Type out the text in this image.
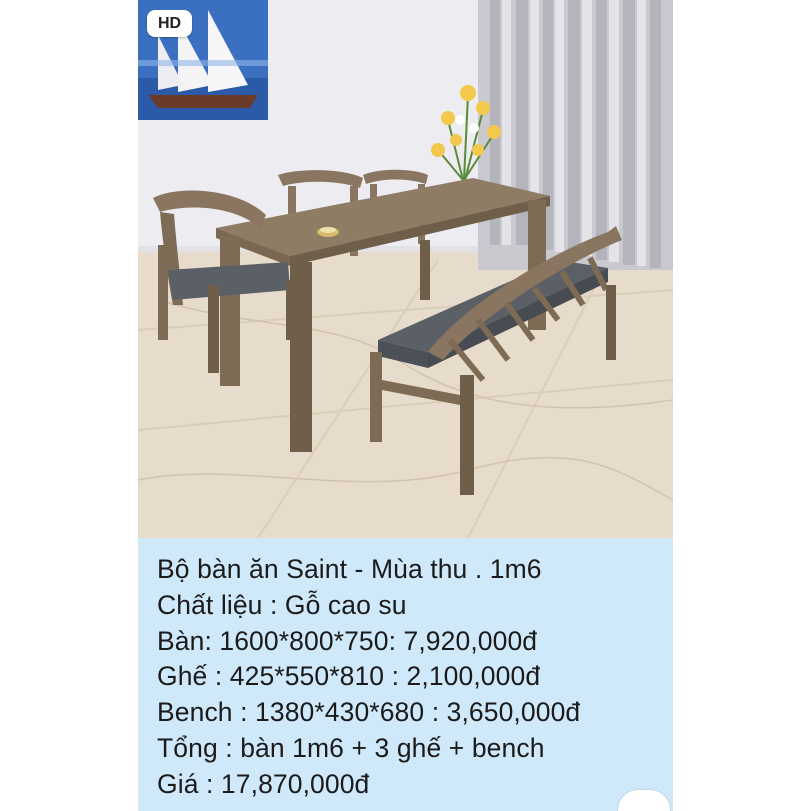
HD
Bộ bàn ăn Saint - Mùa thu . 1m6
Chất liệu : Gỗ cao su
Bàn: 1600*800*750: 7,920,000đ
Ghế : 425*550*810 : 2,100,000đ
Bench : 1380*430*680 : 3,650,000đ
Tổng : bàn 1m6 + 3 ghế + bench
Giá : 17,870,000đ
